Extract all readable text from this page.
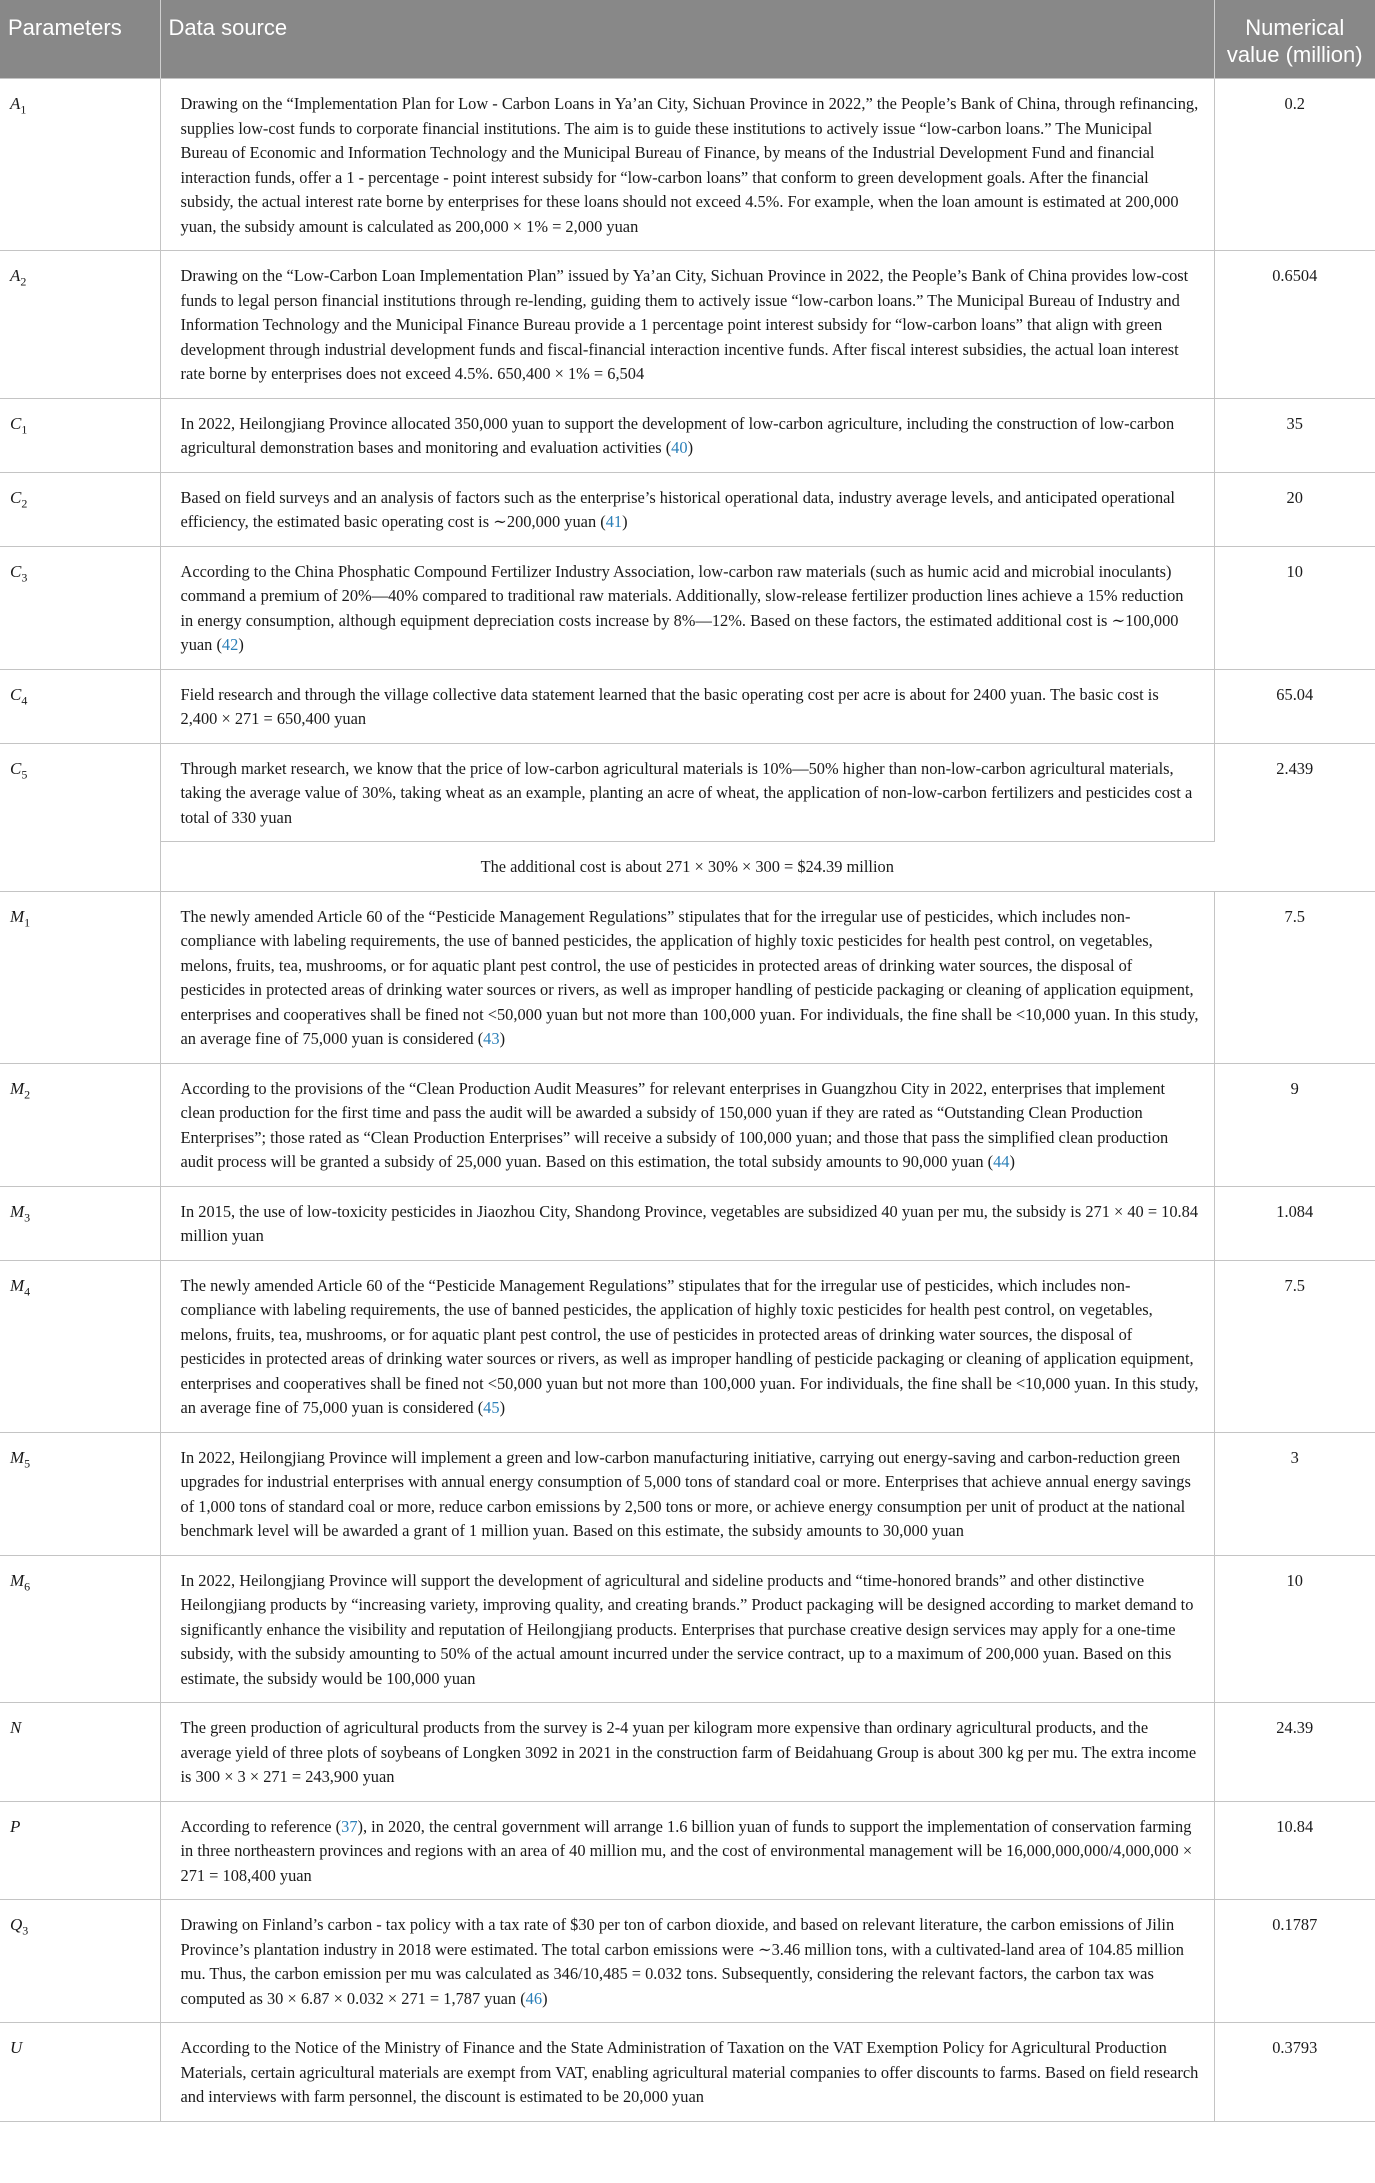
Parameters	Data source	Numerical value (million)
$A_1$	Drawing on the “Implementation Plan for Low - Carbon Loans in Ya’an City, Sichuan Province in 2022,” the People’s Bank of China, through refinancing, supplies low-cost funds to corporate financial institutions. The aim is to guide these institutions to actively issue “low-carbon loans.” The Municipal Bureau of Economic and Information Technology and the Municipal Bureau of Finance, by means of the Industrial Development Fund and financial interaction funds, offer a 1 - percentage - point interest subsidy for “low-carbon loans” that conform to green development goals. After the financial subsidy, the actual interest rate borne by enterprises for these loans should not exceed 4.5%. For example, when the loan amount is estimated at 200,000 yuan, the subsidy amount is calculated as 200,000 × 1% = 2,000 yuan	0.2
$A_2$	Drawing on the “Low-Carbon Loan Implementation Plan” issued by Ya’an City, Sichuan Province in 2022, the People’s Bank of China provides low-cost funds to legal person financial institutions through re-lending, guiding them to actively issue “low-carbon loans.” The Municipal Bureau of Industry and Information Technology and the Municipal Finance Bureau provide a 1 percentage point interest subsidy for “low-carbon loans” that align with green development through industrial development funds and fiscal-financial interaction incentive funds. After fiscal interest subsidies, the actual loan interest rate borne by enterprises does not exceed 4.5%. 650,400 × 1% = 6,504	0.6504
$C_1$	In 2022, Heilongjiang Province allocated 350,000 yuan to support the development of low-carbon agriculture, including the construction of low-carbon agricultural demonstration bases and monitoring and evaluation activities (40)	35
$C_2$	Based on field surveys and an analysis of factors such as the enterprise’s historical operational data, industry average levels, and anticipated operational efficiency, the estimated basic operating cost is ∼200,000 yuan (41)	20
$C_3$	According to the China Phosphatic Compound Fertilizer Industry Association, low-carbon raw materials (such as humic acid and microbial inoculants) command a premium of 20%—40% compared to traditional raw materials. Additionally, slow-release fertilizer production lines achieve a 15% reduction in energy consumption, although equipment depreciation costs increase by 8%—12%. Based on these factors, the estimated additional cost is ∼100,000 yuan (42)	10
$C_4$	Field research and through the village collective data statement learned that the basic operating cost per acre is about for 2400 yuan. The basic cost is 2,400 × 271 = 650,400 yuan	65.04
$C_5$	Through market research, we know that the price of low-carbon agricultural materials is 10%—50% higher than non-low-carbon agricultural materials, taking the average value of 30%, taking wheat as an example, planting an acre of wheat, the application of non-low-carbon fertilizers and pesticides cost a total of 330 yuan	2.439
	The additional cost is about 271 × 30% × 300 = $24.39 million	
$M_1$	The newly amended Article 60 of the “Pesticide Management Regulations” stipulates that for the irregular use of pesticides, which includes non-compliance with labeling requirements, the use of banned pesticides, the application of highly toxic pesticides for health pest control, on vegetables, melons, fruits, tea, mushrooms, or for aquatic plant pest control, the use of pesticides in protected areas of drinking water sources, the disposal of pesticides in protected areas of drinking water sources or rivers, as well as improper handling of pesticide packaging or cleaning of application equipment, enterprises and cooperatives shall be fined not <50,000 yuan but not more than 100,000 yuan. For individuals, the fine shall be <10,000 yuan. In this study, an average fine of 75,000 yuan is considered (43)	7.5
$M_2$	According to the provisions of the “Clean Production Audit Measures” for relevant enterprises in Guangzhou City in 2022, enterprises that implement clean production for the first time and pass the audit will be awarded a subsidy of 150,000 yuan if they are rated as “Outstanding Clean Production Enterprises”; those rated as “Clean Production Enterprises” will receive a subsidy of 100,000 yuan; and those that pass the simplified clean production audit process will be granted a subsidy of 25,000 yuan. Based on this estimation, the total subsidy amounts to 90,000 yuan (44)	9
$M_3$	In 2015, the use of low-toxicity pesticides in Jiaozhou City, Shandong Province, vegetables are subsidized 40 yuan per mu, the subsidy is 271 × 40 = 10.84 million yuan	1.084
$M_4$	The newly amended Article 60 of the “Pesticide Management Regulations” stipulates that for the irregular use of pesticides, which includes non-compliance with labeling requirements, the use of banned pesticides, the application of highly toxic pesticides for health pest control, on vegetables, melons, fruits, tea, mushrooms, or for aquatic plant pest control, the use of pesticides in protected areas of drinking water sources, the disposal of pesticides in protected areas of drinking water sources or rivers, as well as improper handling of pesticide packaging or cleaning of application equipment, enterprises and cooperatives shall be fined not <50,000 yuan but not more than 100,000 yuan. For individuals, the fine shall be <10,000 yuan. In this study, an average fine of 75,000 yuan is considered (45)	7.5
$M_5$	In 2022, Heilongjiang Province will implement a green and low-carbon manufacturing initiative, carrying out energy-saving and carbon-reduction green upgrades for industrial enterprises with annual energy consumption of 5,000 tons of standard coal or more. Enterprises that achieve annual energy savings of 1,000 tons of standard coal or more, reduce carbon emissions by 2,500 tons or more, or achieve energy consumption per unit of product at the national benchmark level will be awarded a grant of 1 million yuan. Based on this estimate, the subsidy amounts to 30,000 yuan	3
$M_6$	In 2022, Heilongjiang Province will support the development of agricultural and sideline products and “time-honored brands” and other distinctive Heilongjiang products by “increasing variety, improving quality, and creating brands.” Product packaging will be designed according to market demand to significantly enhance the visibility and reputation of Heilongjiang products. Enterprises that purchase creative design services may apply for a one-time subsidy, with the subsidy amounting to 50% of the actual amount incurred under the service contract, up to a maximum of 200,000 yuan. Based on this estimate, the subsidy would be 100,000 yuan	10
N	The green production of agricultural products from the survey is 2-4 yuan per kilogram more expensive than ordinary agricultural products, and the average yield of three plots of soybeans of Longken 3092 in 2021 in the construction farm of Beidahuang Group is about 300 kg per mu. The extra income is 300 × 3 × 271 = 243,900 yuan	24.39
P	According to reference (37), in 2020, the central government will arrange 1.6 billion yuan of funds to support the implementation of conservation farming in three northeastern provinces and regions with an area of 40 million mu, and the cost of environmental management will be 16,000,000,000/4,000,000 × 271 = 108,400 yuan	10.84
$Q_3$	Drawing on Finland’s carbon - tax policy with a tax rate of $30 per ton of carbon dioxide, and based on relevant literature, the carbon emissions of Jilin Province’s plantation industry in 2018 were estimated. The total carbon emissions were ∼3.46 million tons, with a cultivated-land area of 104.85 million mu. Thus, the carbon emission per mu was calculated as 346/10,485 = 0.032 tons. Subsequently, considering the relevant factors, the carbon tax was computed as 30 × 6.87 × 0.032 × 271 = 1,787 yuan (46)	0.1787
U	According to the Notice of the Ministry of Finance and the State Administration of Taxation on the VAT Exemption Policy for Agricultural Production Materials, certain agricultural materials are exempt from VAT, enabling agricultural material companies to offer discounts to farms. Based on field research and interviews with farm personnel, the discount is estimated to be 20,000 yuan	0.3793
